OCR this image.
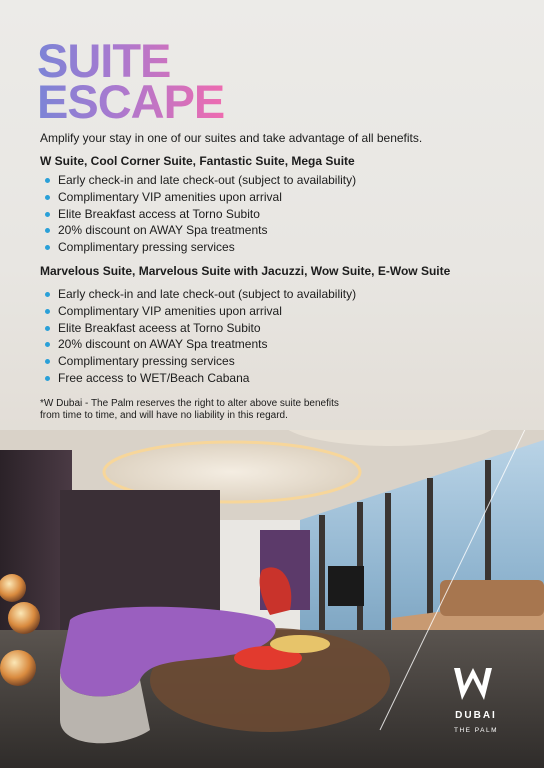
SUITE
ESCAPE
Amplify your stay in one of our suites and take advantage of all benefits.
W Suite, Cool Corner Suite, Fantastic Suite, Mega Suite
Early check-in and late check-out (subject to availability)
Complimentary VIP amenities upon arrival
Elite Breakfast access at Torno Subito
20% discount on AWAY Spa treatments
Complimentary pressing services
Marvelous Suite, Marvelous Suite with Jacuzzi, Wow Suite, E-Wow Suite
Early check-in and late check-out (subject to availability)
Complimentary VIP amenities upon arrival
Elite Breakfast aceess at Torno Subito
20% discount on AWAY Spa treatments
Complimentary pressing services
Free access to WET/Beach Cabana
*W Dubai - The Palm reserves the right to alter above suite benefits
from time to time, and will have no liability in this regard.
DUBAI
THE PALM
